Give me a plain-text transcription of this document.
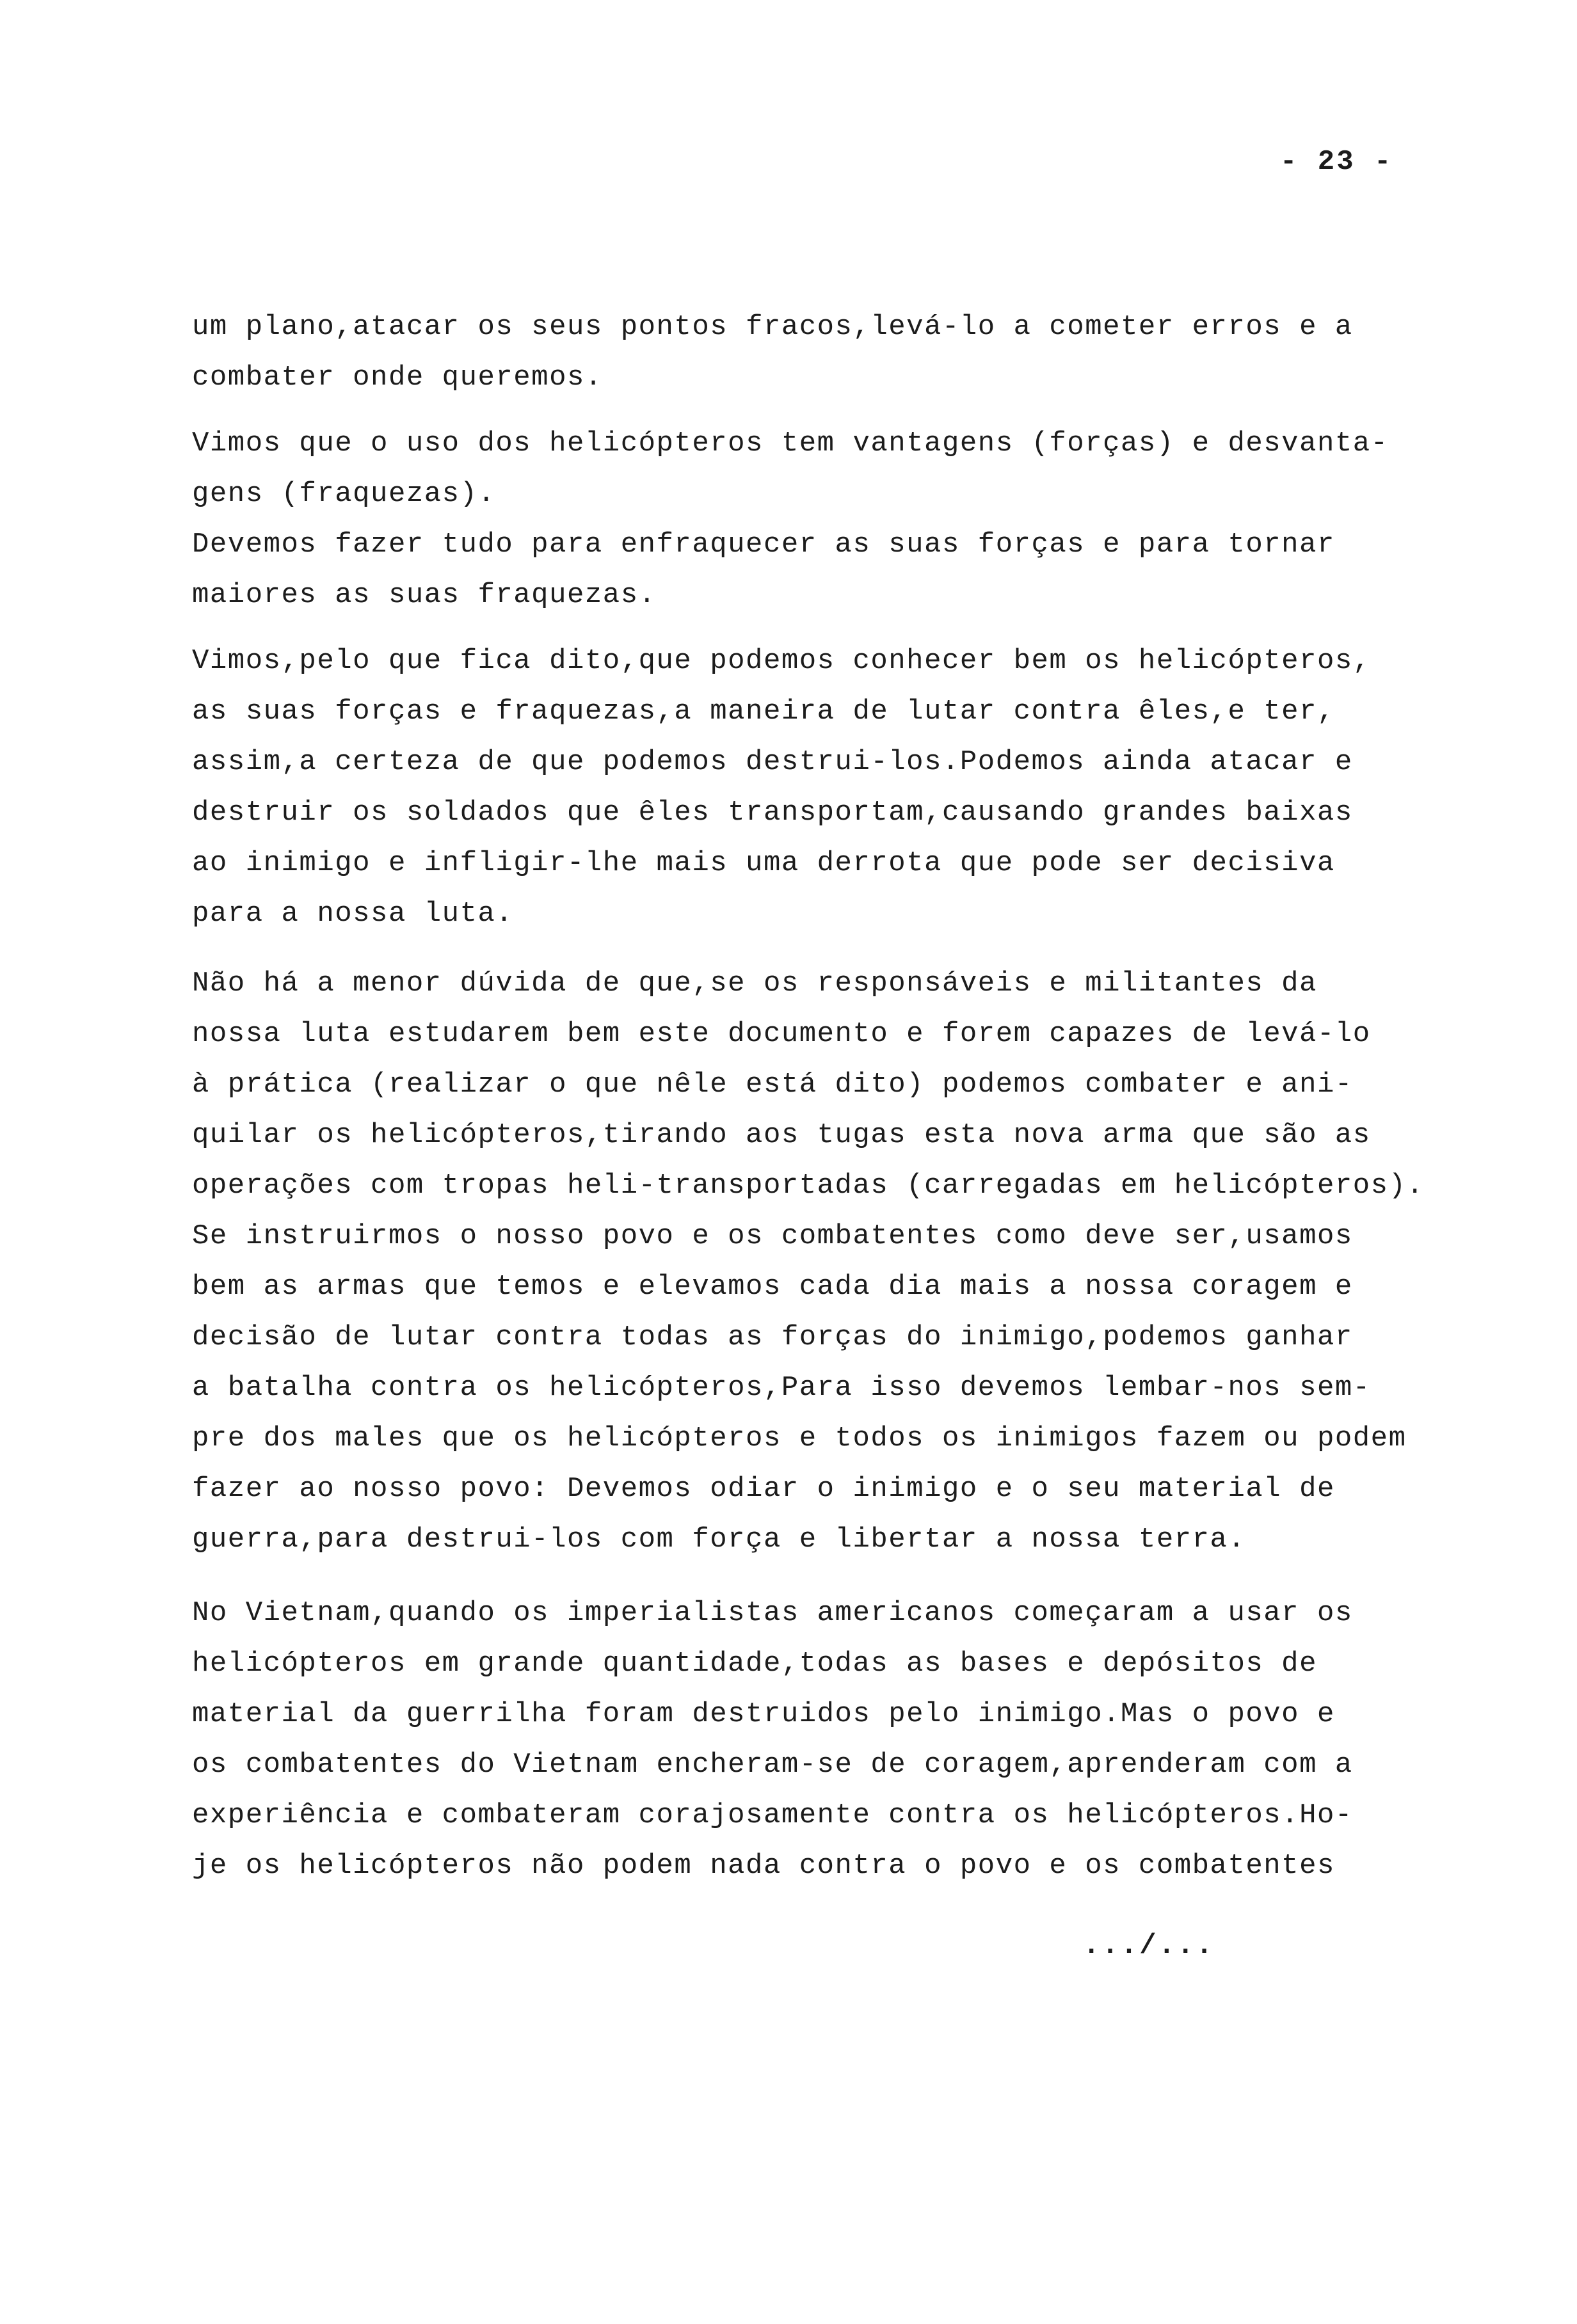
- 23 -
um plano,atacar os seus pontos fracos,levá-lo a cometer erros e a
combater onde queremos.
Vimos que o uso dos helicópteros tem vantagens (forças) e desvanta-
gens (fraquezas).
Devemos fazer tudo para enfraquecer as suas forças e para tornar
maiores as suas fraquezas.
Vimos,pelo que fica dito,que podemos conhecer bem os helicópteros,
as suas forças e fraquezas,a maneira de lutar contra êles,e ter,
assim,a certeza de que podemos destrui-los.Podemos ainda atacar e
destruir os soldados que êles transportam,causando grandes baixas
ao inimigo e infligir-lhe mais uma derrota que pode ser decisiva
para a nossa luta.
Não há a menor dúvida de que,se os responsáveis e militantes da
nossa luta estudarem bem este documento e forem capazes de levá-lo
à prática (realizar o que nêle está dito) podemos combater e ani-
quilar os helicópteros,tirando aos tugas esta nova arma que são as
operações com tropas heli-transportadas (carregadas em helicópteros).
Se instruirmos o nosso povo e os combatentes como deve ser,usamos
bem as armas que temos e elevamos cada dia mais a nossa coragem e
decisão de lutar contra todas as forças do inimigo,podemos ganhar
a batalha contra os helicópteros,Para isso devemos lembar-nos sem-
pre dos males que os helicópteros e todos os inimigos fazem ou podem
fazer ao nosso povo: Devemos odiar o inimigo e o seu material de
guerra,para destrui-los com força e libertar a nossa terra.
No Vietnam,quando os imperialistas americanos começaram a usar os
helicópteros em grande quantidade,todas as bases e depósitos de
material da guerrilha foram destruidos pelo inimigo.Mas o povo e
os combatentes do Vietnam encheram-se de coragem,aprenderam com a
experiência e combateram corajosamente contra os helicópteros.Ho-
je os helicópteros não podem nada contra o povo e os combatentes
.../...
